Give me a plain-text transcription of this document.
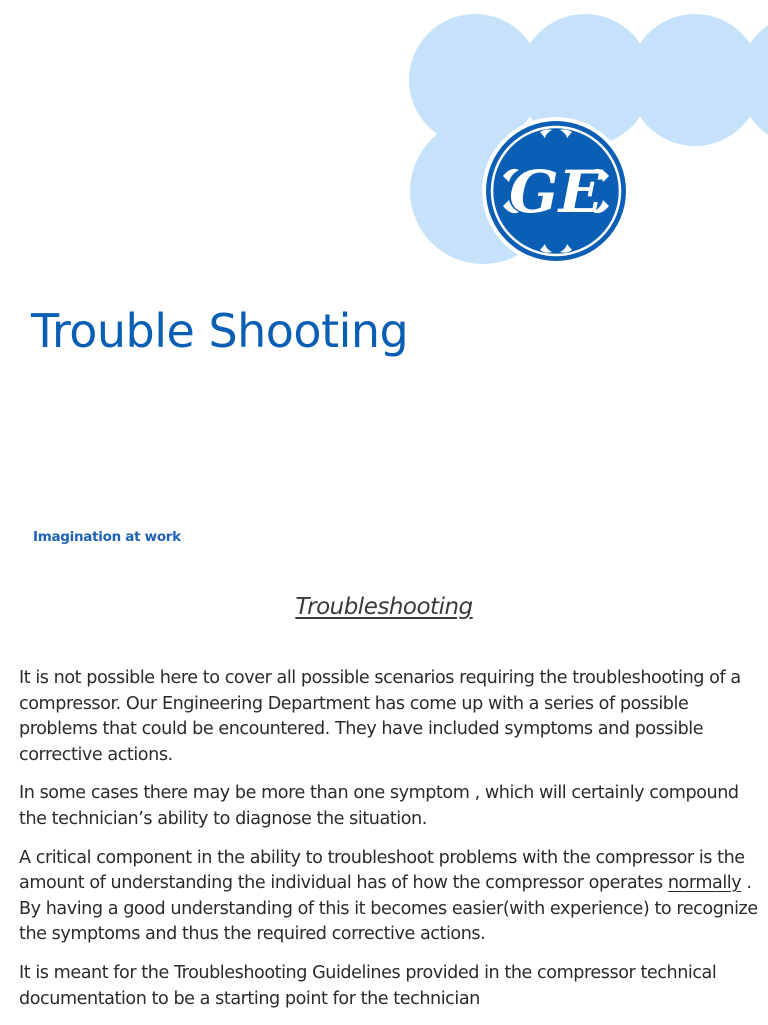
GE
Trouble Shooting
Imagination at work
Troubleshooting

It is not possible here to cover all possible scenarios requiring the troubleshooting of a compressor. Our Engineering Department has come up with a series of possible problems that could be encountered. They have included symptoms and possible corrective actions.

In some cases there may be more than one symptom , which will certainly compound the technician’s ability to diagnose the situation.

A critical component in the ability to troubleshoot problems with the compressor is the amount of understanding the individual has of how the compressor operates normally . By having a good understanding of this it becomes easier(with experience) to recognize the symptoms and thus the required corrective actions.

It is meant for the Troubleshooting Guidelines provided in the compressor technical documentation to be a starting point for the technician
